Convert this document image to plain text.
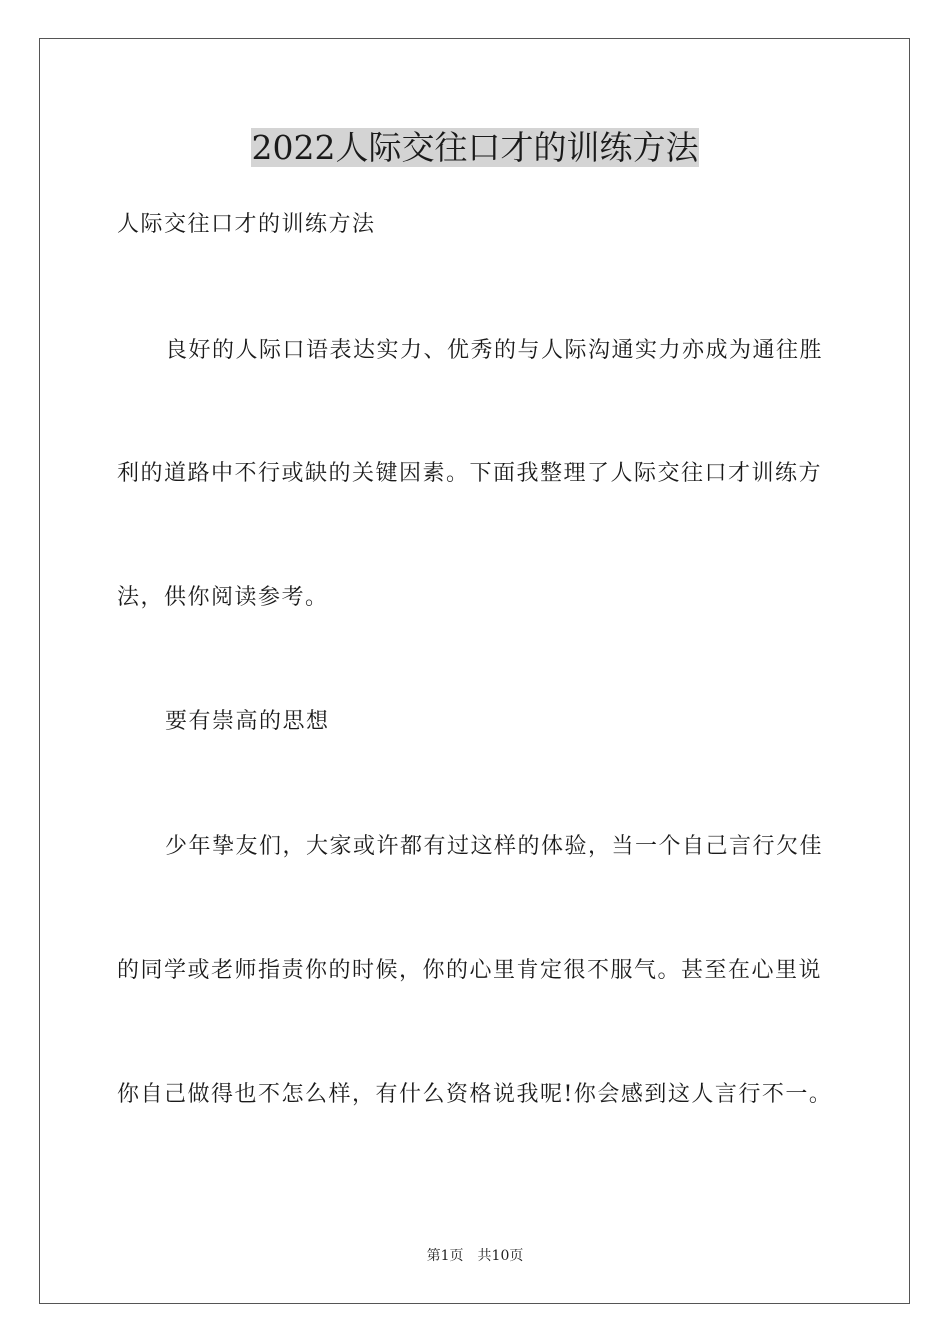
2022人际交往口才的训练方法

人际交往口才的训练方法

良好的人际口语表达实力、优秀的与人际沟通实力亦成为通往胜

利的道路中不行或缺的关键因素。下面我整理了人际交往口才训练方

法，供你阅读参考。

要有崇高的思想

少年挚友们，大家或许都有过这样的体验，当一个自己言行欠佳

的同学或老师指责你的时候，你的心里肯定很不服气。甚至在心里说

你自己做得也不怎么样，有什么资格说我呢!你会感到这人言行不一。

第1页 共10页
